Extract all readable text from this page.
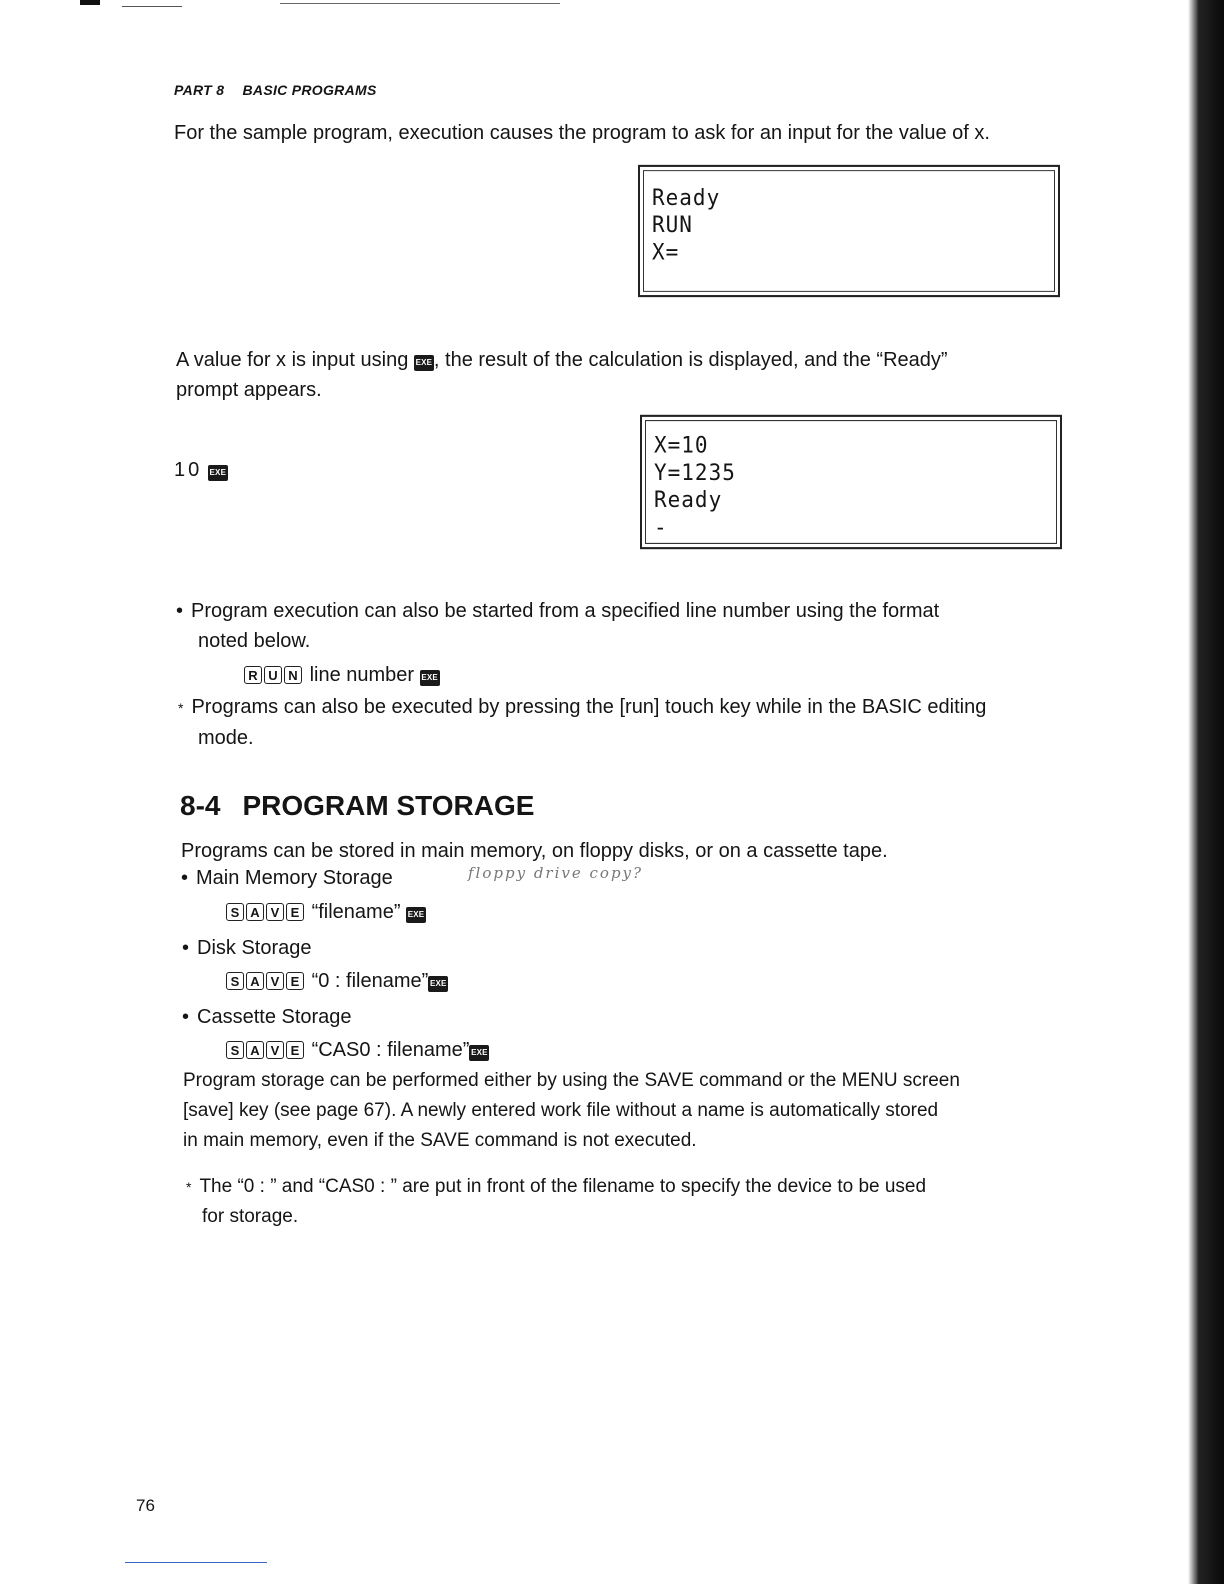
PART 8 BASIC PROGRAMS
For the sample program, execution causes the program to ask for an input for the value of x.
Ready
RUN
X=
A value for x is input using EXE, the result of the calculation is displayed, and the “Ready”
prompt appears.
10 EXE
X=10
Y=1235
Ready
-
• Program execution can also be started from a specified line number using the format
noted below.
R U N line number EXE
* Programs can also be executed by pressing the [run] touch key while in the BASIC editing
mode.
8-4 PROGRAM STORAGE
Programs can be stored in main memory, on floppy disks, or on a cassette tape.
• Main Memory Storage	floppy drive copy?
S A V E “filename” EXE
• Disk Storage
S A V E “0 : filename” EXE
• Cassette Storage
S A V E “CAS0 : filename” EXE
Program storage can be performed either by using the SAVE command or the MENU screen
[save] key (see page 67). A newly entered work file without a name is automatically stored
in main memory, even if the SAVE command is not executed.
* The “0 : ” and “CAS0 : ” are put in front of the filename to specify the device to be used
for storage.
76
